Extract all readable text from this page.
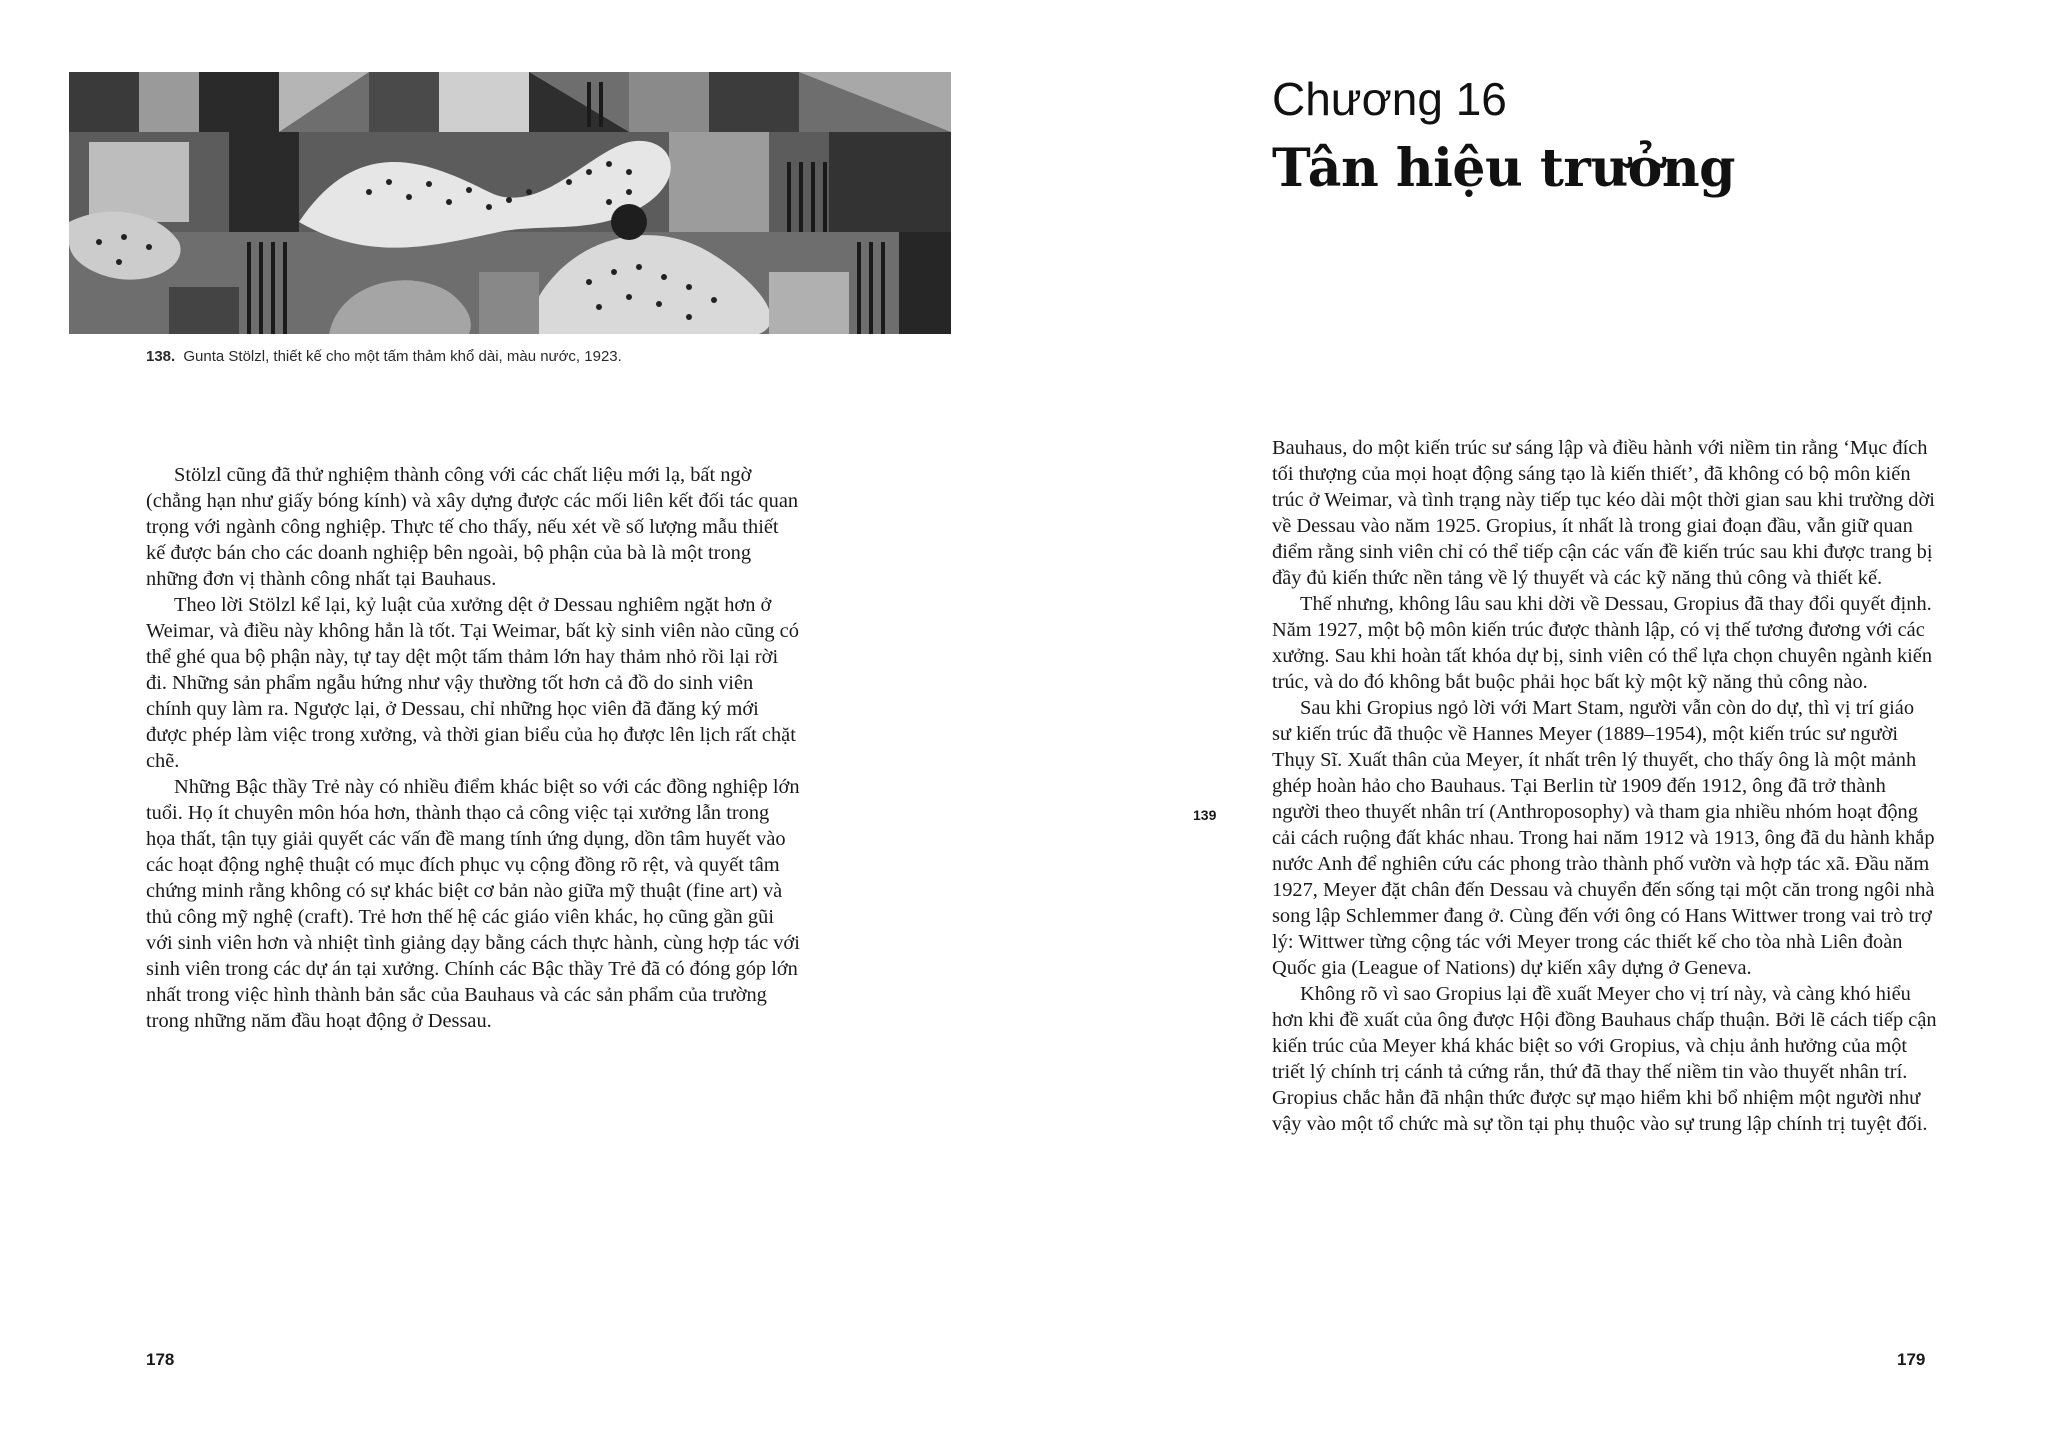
138. Gunta Stölzl, thiết kế cho một tấm thảm khổ dài, màu nước, 1923.

Stölzl cũng đã thử nghiệm thành công với các chất liệu mới lạ, bất ngờ (chẳng hạn như giấy bóng kính) và xây dựng được các mối liên kết đối tác quan trọng với ngành công nghiệp. Thực tế cho thấy, nếu xét về số lượng mẫu thiết kế được bán cho các doanh nghiệp bên ngoài, bộ phận của bà là một trong những đơn vị thành công nhất tại Bauhaus.

Theo lời Stölzl kể lại, kỷ luật của xưởng dệt ở Dessau nghiêm ngặt hơn ở Weimar, và điều này không hẳn là tốt. Tại Weimar, bất kỳ sinh viên nào cũng có thể ghé qua bộ phận này, tự tay dệt một tấm thảm lớn hay thảm nhỏ rồi lại rời đi. Những sản phẩm ngẫu hứng như vậy thường tốt hơn cả đồ do sinh viên chính quy làm ra. Ngược lại, ở Dessau, chỉ những học viên đã đăng ký mới được phép làm việc trong xưởng, và thời gian biểu của họ được lên lịch rất chặt chẽ.

Những Bậc thầy Trẻ này có nhiều điểm khác biệt so với các đồng nghiệp lớn tuổi. Họ ít chuyên môn hóa hơn, thành thạo cả công việc tại xưởng lẫn trong họa thất, tận tụy giải quyết các vấn đề mang tính ứng dụng, dồn tâm huyết vào các hoạt động nghệ thuật có mục đích phục vụ cộng đồng rõ rệt, và quyết tâm chứng minh rằng không có sự khác biệt cơ bản nào giữa mỹ thuật (fine art) và thủ công mỹ nghệ (craft). Trẻ hơn thế hệ các giáo viên khác, họ cũng gần gũi với sinh viên hơn và nhiệt tình giảng dạy bằng cách thực hành, cùng hợp tác với sinh viên trong các dự án tại xưởng. Chính các Bậc thầy Trẻ đã có đóng góp lớn nhất trong việc hình thành bản sắc của Bauhaus và các sản phẩm của trường trong những năm đầu hoạt động ở Dessau.

178
Chương 16
Tân hiệu trưởng
139

Bauhaus, do một kiến trúc sư sáng lập và điều hành với niềm tin rằng ‘Mục đích tối thượng của mọi hoạt động sáng tạo là kiến thiết’, đã không có bộ môn kiến trúc ở Weimar, và tình trạng này tiếp tục kéo dài một thời gian sau khi trường dời về Dessau vào năm 1925. Gropius, ít nhất là trong giai đoạn đầu, vẫn giữ quan điểm rằng sinh viên chỉ có thể tiếp cận các vấn đề kiến trúc sau khi được trang bị đầy đủ kiến thức nền tảng về lý thuyết và các kỹ năng thủ công và thiết kế.

Thế nhưng, không lâu sau khi dời về Dessau, Gropius đã thay đổi quyết định. Năm 1927, một bộ môn kiến trúc được thành lập, có vị thế tương đương với các xưởng. Sau khi hoàn tất khóa dự bị, sinh viên có thể lựa chọn chuyên ngành kiến trúc, và do đó không bắt buộc phải học bất kỳ một kỹ năng thủ công nào.

Sau khi Gropius ngỏ lời với Mart Stam, người vẫn còn do dự, thì vị trí giáo sư kiến trúc đã thuộc về Hannes Meyer (1889–1954), một kiến trúc sư người Thụy Sĩ. Xuất thân của Meyer, ít nhất trên lý thuyết, cho thấy ông là một mảnh ghép hoàn hảo cho Bauhaus. Tại Berlin từ 1909 đến 1912, ông đã trở thành người theo thuyết nhân trí (Anthroposophy) và tham gia nhiều nhóm hoạt động cải cách ruộng đất khác nhau. Trong hai năm 1912 và 1913, ông đã du hành khắp nước Anh để nghiên cứu các phong trào thành phố vườn và hợp tác xã. Đầu năm 1927, Meyer đặt chân đến Dessau và chuyển đến sống tại một căn trong ngôi nhà song lập Schlemmer đang ở. Cùng đến với ông có Hans Wittwer trong vai trò trợ lý: Wittwer từng cộng tác với Meyer trong các thiết kế cho tòa nhà Liên đoàn Quốc gia (League of Nations) dự kiến xây dựng ở Geneva.

Không rõ vì sao Gropius lại đề xuất Meyer cho vị trí này, và càng khó hiểu hơn khi đề xuất của ông được Hội đồng Bauhaus chấp thuận. Bởi lẽ cách tiếp cận kiến trúc của Meyer khá khác biệt so với Gropius, và chịu ảnh hưởng của một triết lý chính trị cánh tả cứng rắn, thứ đã thay thế niềm tin vào thuyết nhân trí. Gropius chắc hẳn đã nhận thức được sự mạo hiểm khi bổ nhiệm một người như vậy vào một tổ chức mà sự tồn tại phụ thuộc vào sự trung lập chính trị tuyệt đối.

179
